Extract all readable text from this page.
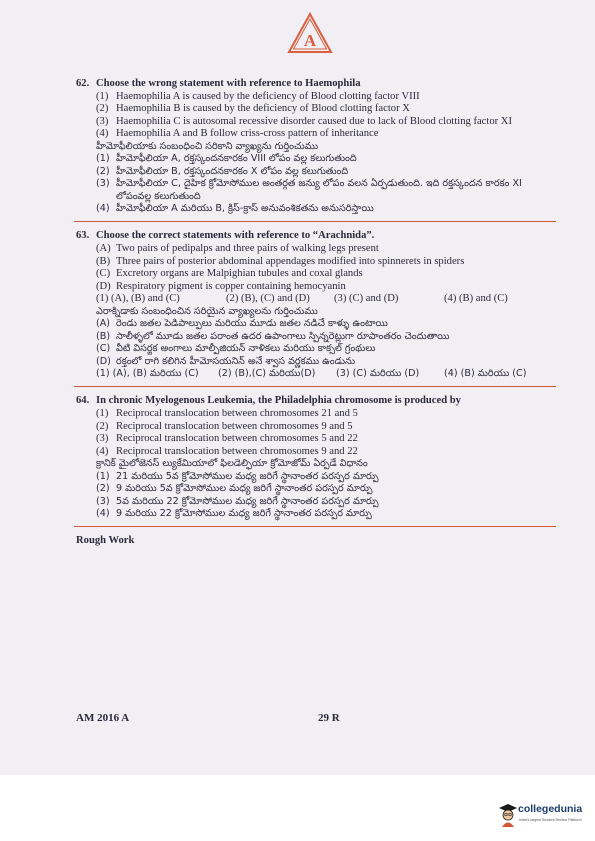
A
62. Choose the wrong statement with reference to Haemophila
(1) Haemophilia A is caused by the deficiency of Blood clotting factor VIII
(2) Haemophilia B is caused by the deficiency of Blood clotting factor X
(3) Haemophilia C is autosomal recessive disorder caused due to lack of Blood clotting factor XI
(4) Haemophilia A and B follow criss-cross pattern of inheritance
హీమోఫీలియాకు సంబంధించి సరికాని వ్యాఖ్యను గుర్తించుము
(1) హీమోఫీలియా A, రక్తస్కందనకారకం VIII లోపం వల్ల కలుగుతుంది
(2) హీమోఫీలియా B, రక్తస్కందనకారకం X లోపం వల్ల కలుగుతుంది
(3) హీమోఫీలియా C, దైహిక క్రోమోసోముల అంతర్గత జన్యు లోపం వలన ఏర్పడుతుంది. ఇది రక్తస్కందన కారకం XI లోపంవల్ల కలుగుతుంది
(4) హీమోఫీలియా A మరియు B, క్రిస్-క్రాస్ అనువంశికతను అనుసరిస్తాయి
63. Choose the correct statements with reference to “Arachnida”.
(A) Two pairs of pedipalps and three pairs of walking legs present
(B) Three pairs of posterior abdominal appendages modified into spinnerets in spiders
(C) Excretory organs are Malpighian tubules and coxal glands
(D) Respiratory pigment is copper containing hemocyanin
(1) (A), (B) and (C)	(2) (B), (C) and (D) (3) (C) and (D)	(4) (B) and (C)
ఎరాక్నిడాకు సంబంధించిన సరియైన వ్యాఖ్యలను గుర్తించుము
(A) రెండు జతల పెడిపాల్పులు మరియు మూడు జతల నడిచే కాళ్ళు ఉంటాయి
(B) సాలీళ్ళలో మూడు జతల పరాంత ఉదర ఉపాంగాలు స్పిన్నరెట్లుగా రూపాంతరం చెందుతాయి
(C) వీటి విసర్జక అంగాలు మాల్పీజియన్ నాళికలు మరియు కాక్సల్ గ్రంథులు
(D) రక్తంలో రాగి కలిగిన హీమోసయనిన్ అనే శ్వాస వర్ణకము ఉండును
(1) (A), (B) మరియు (C) (2) (B),(C) మరియు(D) (3) (C) మరియు (D)	(4) (B) మరియు (C)
64. In chronic Myelogenous Leukemia, the Philadelphia chromosome is produced by
(1) Reciprocal translocation between chromosomes 21 and 5
(2) Reciprocal translocation between chromosomes 9 and 5
(3) Reciprocal translocation between chromosomes 5 and 22
(4) Reciprocal translocation between chromosomes 9 and 22
క్రానిక్ మైలోజెనస్ ల్యుకేమియాలో ఫిలడెల్ఫియా క్రోమోజోమ్ ఏర్పడే విధానం
(1) 21 మరియు 5వ క్రోమోసోముల మధ్య జరిగే స్థానాంతర పరస్పర మార్పు
(2) 9 మరియు 5వ క్రోమోసోముల మధ్య జరిగే స్థానాంతర పరస్పర మార్పు
(3) 5వ మరియు 22 క్రోమోసోముల మధ్య జరిగే స్థానాంతర పరస్పర మార్పు
(4) 9 మరియు 22 క్రోమోసోముల మధ్య జరిగే స్థానాంతర పరస్పర మార్పు
Rough Work
AM 2016 A	29 R
collegedunia
India's largest Student Review Platform
